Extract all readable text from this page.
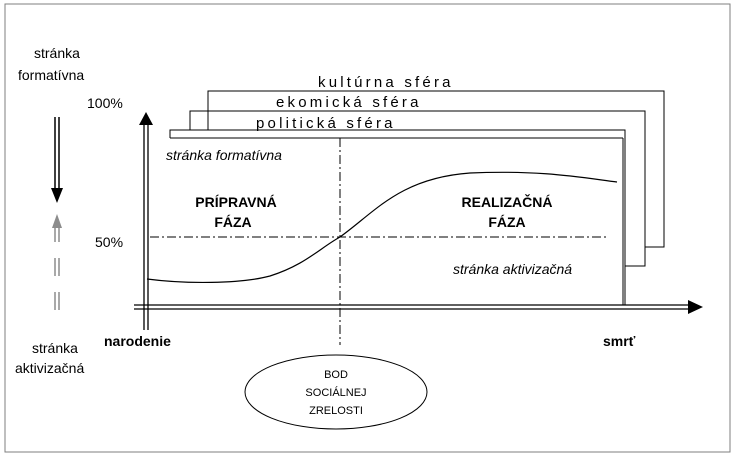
kultúrna sféra
ekomická sféra
politická sféra
100%
50%
stránka
formatívna
stránka
aktivizačná
stránka formatívna
stránka aktivizačná
PRÍPRAVNÁ
FÁZA
REALIZAČNÁ
FÁZA
narodenie	smrť
BOD
SOCIÁLNEJ
ZRELOSTI
